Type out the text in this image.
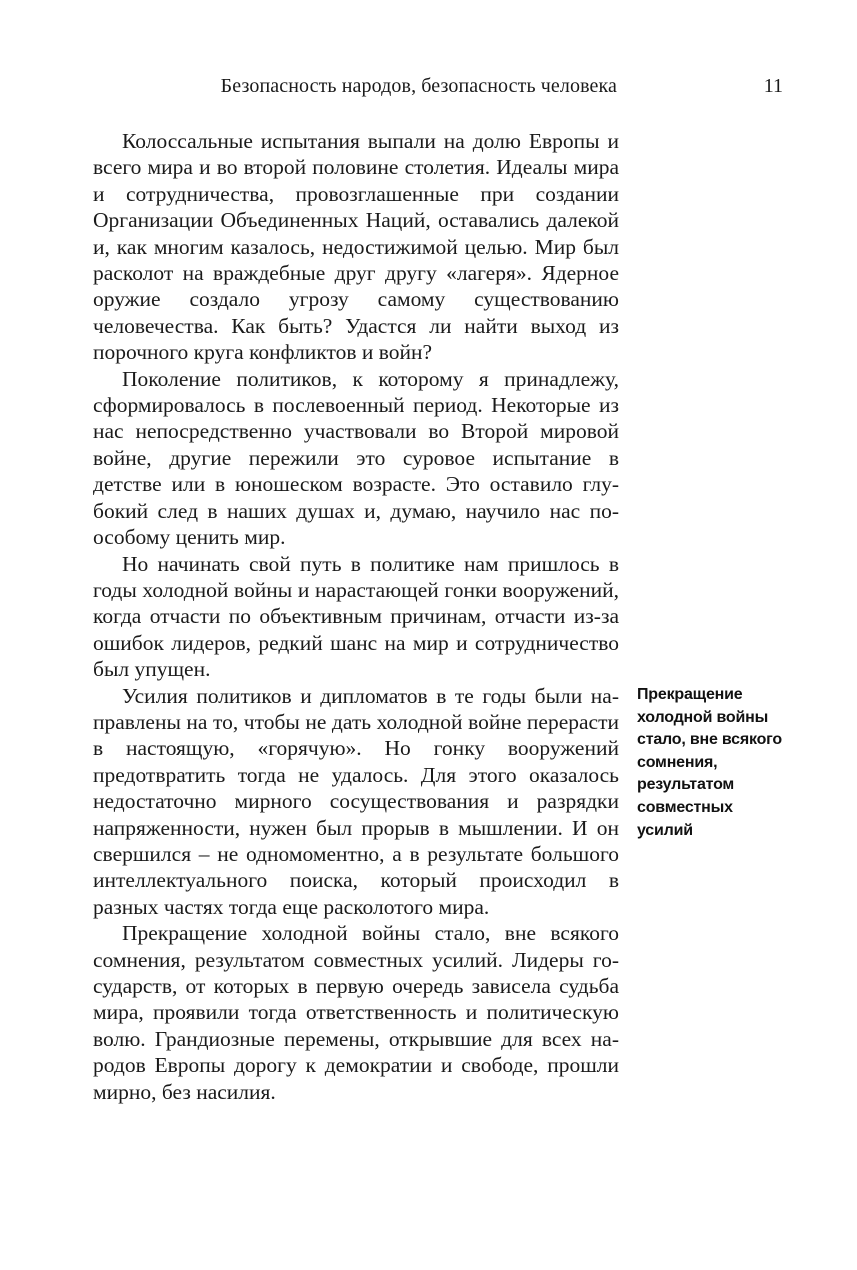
Безопасность народов, безопасность человека	11

Колоссальные испытания выпали на долю Европы и всего мира и во второй половине столетия. Идеалы мира и сотрудничества, провозглашенные при создании Организации Объединенных Наций, оставались далекой и, как многим казалось, недостижимой целью. Мир был расколот на враждебные друг другу «лагеря». Ядерное оружие создало угрозу самому существованию человечества. Как быть? Удастся ли найти выход из порочного круга конфликтов и войн?

Поколение политиков, к которому я принадлежу, сформировалось в послевоенный период. Некоторые из нас непосредственно участвовали во Второй мировой войне, другие пережили это суровое испытание в детстве или в юношеском возрасте. Это оставило глубокий след в наших душах и, думаю, научило нас поособому ценить мир.

Но начинать свой путь в политике нам пришлось в годы холодной войны и нарастающей гонки вооружений, когда отчасти по объективным причинам, отчасти из-за ошибок лидеров, редкий шанс на мир и сотрудничество был упущен.

Усилия политиков и дипломатов в те годы были направлены на то, чтобы не дать холодной войне перерасти в настоящую, «горячую». Но гонку вооружений предотвратить тогда не удалось. Для этого оказалось недостаточно мирного сосуществования и разрядки напряженности, нужен был прорыв в мышлении. И он свершился – не одномоментно, а в результате большого интеллектуального поиска, который происходил в разных частях тогда еще расколотого мира.

Прекращение холодной войны стало, вне всякого сомнения, результатом совместных усилий. Лидеры государств, от которых в первую очередь зависела судьба мира, проявили тогда ответственность и политическую волю. Грандиозные перемены, открывшие для всех народов Европы дорогу к демократии и свободе, прошли мирно, без насилия.

Прекращение холодной войны стало, вне всякого сомнения, результатом совместных усилий
